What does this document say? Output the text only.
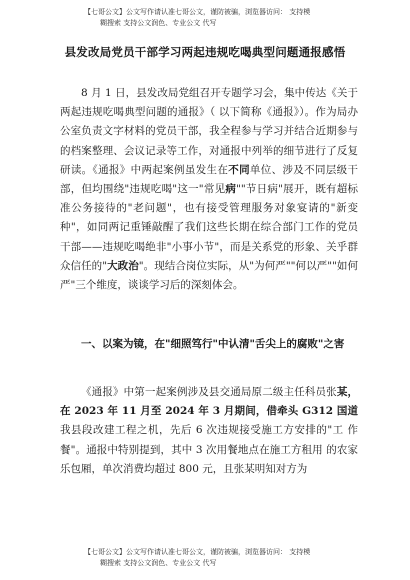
【七哥公文】公文写作请认准七哥公文，谨防被骗，浏览器访问： 支持模
糊搜索 支持公文润色、专业公文 代写
县发改局党员干部学习两起违规吃喝典型问题通报感悟

8 月 1 日，县发改局党组召开专题学习会，集中传达《关于两起违规吃喝典型问题的通报》（ 以下简称《通报》）。作为局办公室负责文字材料的党员干部，我全程参与学习并结合近期参与的档案整理、会议记录等工作，对通报中列举的细节进行了反复研读。《通报》中两起案例虽发生在不同单位、涉及不同层级干部，但均围绕"违规吃喝"这一"常见病""节日病"展开，既有超标准公务接待的"老问题"，也有接受管理服务对象宴请的"新变种"，如同两记重锤敲醒了我们这些长期在综合部门工作的党员干部——违规吃喝绝非"小事小节"，而是关系党的形象、关乎群众信任的"大政治"。现结合岗位实际，从"为何严""何以严""如何严"三个维度，谈谈学习后的深刻体会。

一、以案为镜，在"细照笃行"中认清"舌尖上的腐败"之害

《通报》中第一起案例涉及县交通局原二级主任科员张某，在 2023 年 11 月至 2024 年 3 月期间，借牵头 G312 国道我县段改建工程之机，先后 6 次违规接受施工方安排的"工 作餐"。通报中特别提到，其中 3 次用餐地点在施工方租用 的农家乐包厢，单次消费均超过 800 元，且张某明知对方为

【七哥公文】公文写作请认准七哥公文，谨防被骗，浏览器访问： 支持模
糊搜索 支持公文润色、专业公文 代写
